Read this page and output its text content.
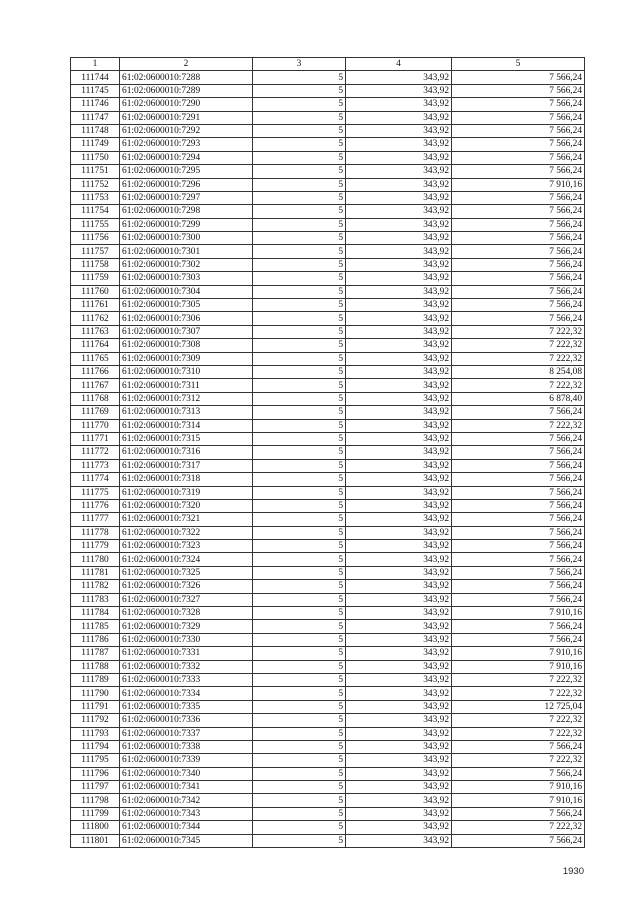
1	2	3	4	5
111744	61:02:0600010:7288	5	343,92	7 566,24
111745	61:02:0600010:7289	5	343,92	7 566,24
111746	61:02:0600010:7290	5	343,92	7 566,24
111747	61:02:0600010:7291	5	343,92	7 566,24
111748	61:02:0600010:7292	5	343,92	7 566,24
111749	61:02:0600010:7293	5	343,92	7 566,24
111750	61:02:0600010:7294	5	343,92	7 566,24
111751	61:02:0600010:7295	5	343,92	7 566,24
111752	61:02:0600010:7296	5	343,92	7 910,16
111753	61:02:0600010:7297	5	343,92	7 566,24
111754	61:02:0600010:7298	5	343,92	7 566,24
111755	61:02:0600010:7299	5	343,92	7 566,24
111756	61:02:0600010:7300	5	343,92	7 566,24
111757	61:02:0600010:7301	5	343,92	7 566,24
111758	61:02:0600010:7302	5	343,92	7 566,24
111759	61:02:0600010:7303	5	343,92	7 566,24
111760	61:02:0600010:7304	5	343,92	7 566,24
111761	61:02:0600010:7305	5	343,92	7 566,24
111762	61:02:0600010:7306	5	343,92	7 566,24
111763	61:02:0600010:7307	5	343,92	7 222,32
111764	61:02:0600010:7308	5	343,92	7 222,32
111765	61:02:0600010:7309	5	343,92	7 222,32
111766	61:02:0600010:7310	5	343,92	8 254,08
111767	61:02:0600010:7311	5	343,92	7 222,32
111768	61:02:0600010:7312	5	343,92	6 878,40
111769	61:02:0600010:7313	5	343,92	7 566,24
111770	61:02:0600010:7314	5	343,92	7 222,32
111771	61:02:0600010:7315	5	343,92	7 566,24
111772	61:02:0600010:7316	5	343,92	7 566,24
111773	61:02:0600010:7317	5	343,92	7 566,24
111774	61:02:0600010:7318	5	343,92	7 566,24
111775	61:02:0600010:7319	5	343,92	7 566,24
111776	61:02:0600010:7320	5	343,92	7 566,24
111777	61:02:0600010:7321	5	343,92	7 566,24
111778	61:02:0600010:7322	5	343,92	7 566,24
111779	61:02:0600010:7323	5	343,92	7 566,24
111780	61:02:0600010:7324	5	343,92	7 566,24
111781	61:02:0600010:7325	5	343,92	7 566,24
111782	61:02:0600010:7326	5	343,92	7 566,24
111783	61:02:0600010:7327	5	343,92	7 566,24
111784	61:02:0600010:7328	5	343,92	7 910,16
111785	61:02:0600010:7329	5	343,92	7 566,24
111786	61:02:0600010:7330	5	343,92	7 566,24
111787	61:02:0600010:7331	5	343,92	7 910,16
111788	61:02:0600010:7332	5	343,92	7 910,16
111789	61:02:0600010:7333	5	343,92	7 222,32
111790	61:02:0600010:7334	5	343,92	7 222,32
111791	61:02:0600010:7335	5	343,92	12 725,04
111792	61:02:0600010:7336	5	343,92	7 222,32
111793	61:02:0600010:7337	5	343,92	7 222,32
111794	61:02:0600010:7338	5	343,92	7 566,24
111795	61:02:0600010:7339	5	343,92	7 222,32
111796	61:02:0600010:7340	5	343,92	7 566,24
111797	61:02:0600010:7341	5	343,92	7 910,16
111798	61:02:0600010:7342	5	343,92	7 910,16
111799	61:02:0600010:7343	5	343,92	7 566,24
111800	61:02:0600010:7344	5	343,92	7 222,32
111801	61:02:0600010:7345	5	343,92	7 566,24
1930
